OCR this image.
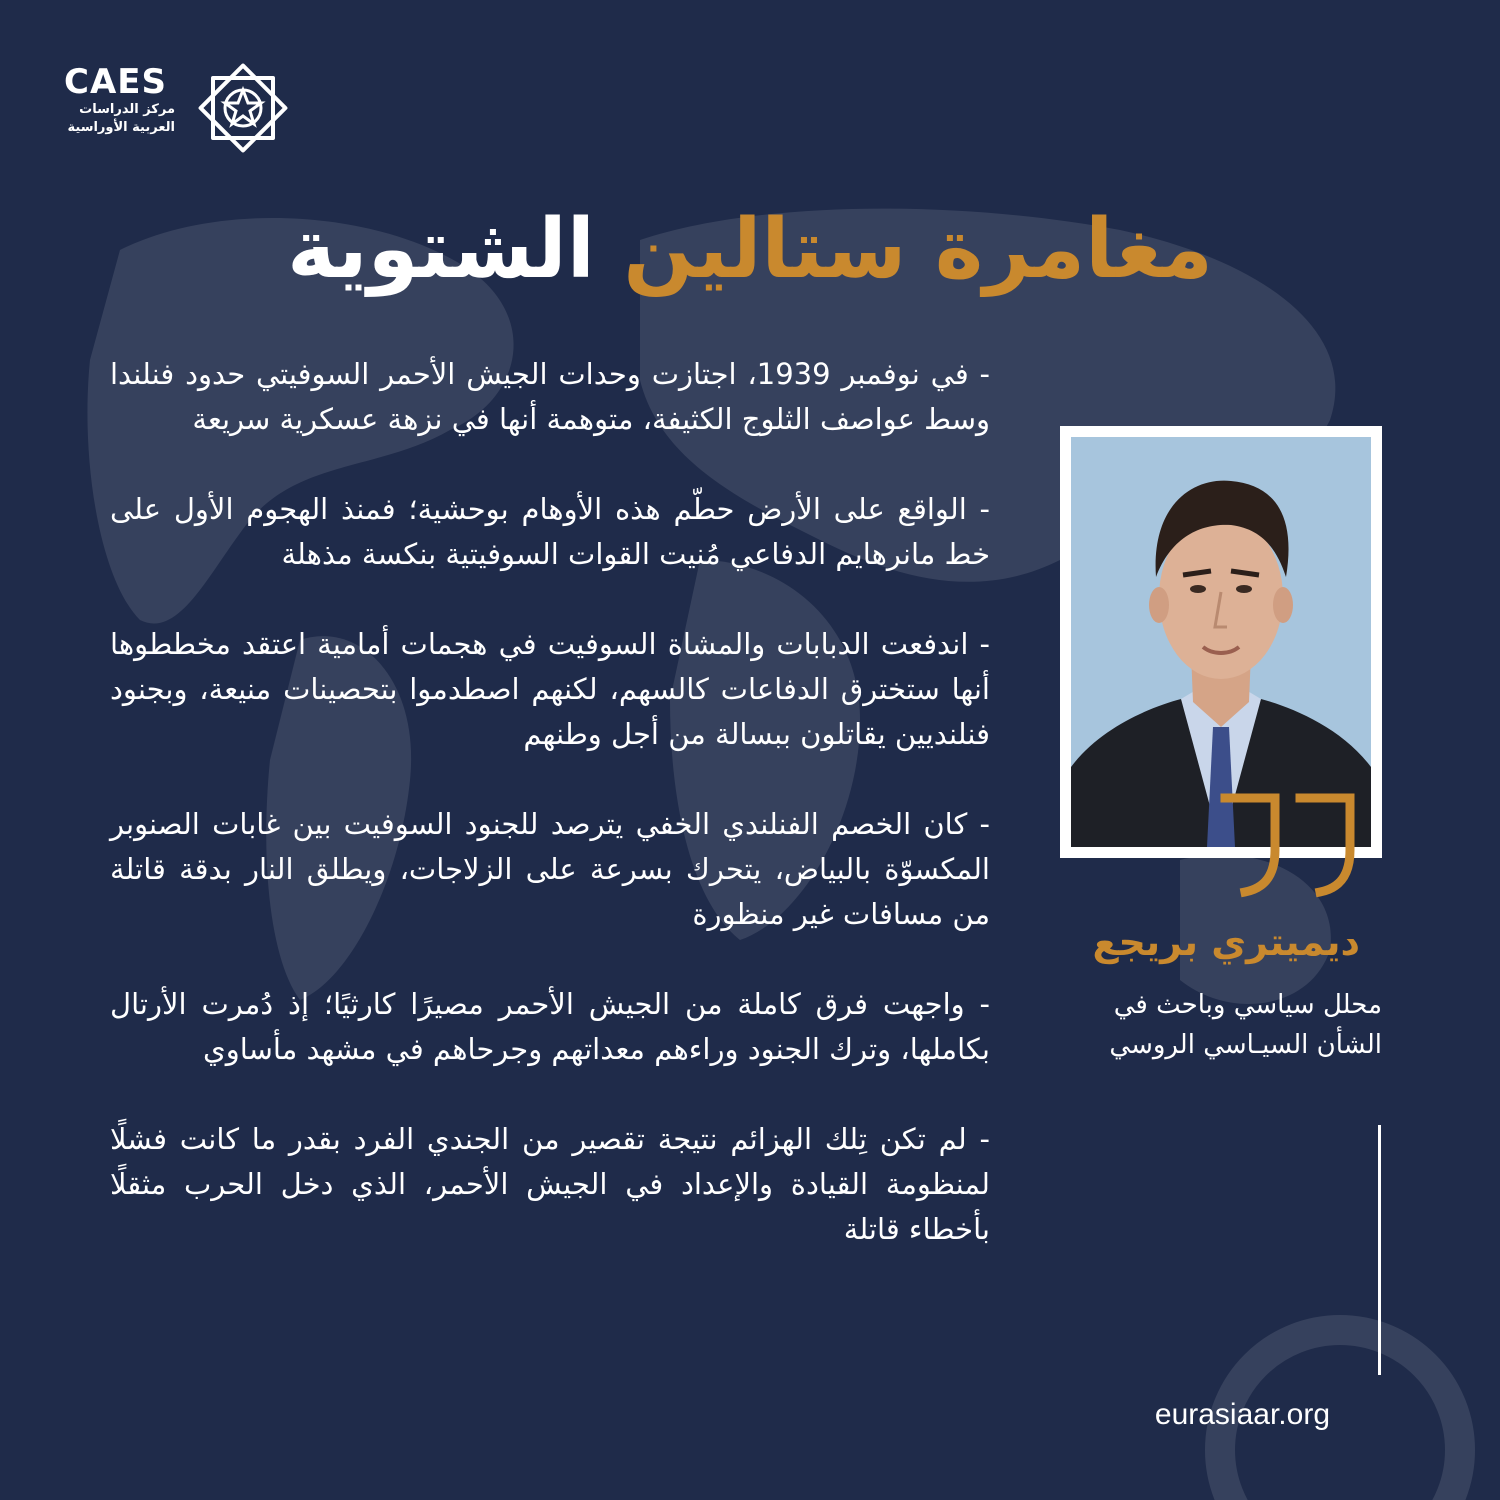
CAES
مركز الدراسات
العربية الأوراسية
مغامرة ستالين الشتوية

- في نوفمبر 1939، اجتازت وحدات الجيش الأحمر السوفيتي حدود فنلندا وسط عواصف الثلوج الكثيفة، متوهمة أنها في نزهة عسكرية سريعة

- الواقع على الأرض حطّم هذه الأوهام بوحشية؛ فمنذ الهجوم الأول على خط مانرهايم الدفاعي مُنيت القوات السوفيتية بنكسة مذهلة

- اندفعت الدبابات والمشاة السوفيت في هجمات أمامية اعتقد مخططوها أنها ستخترق الدفاعات كالسهم، لكنهم اصطدموا بتحصينات منيعة، وبجنود فنلنديين يقاتلون ببسالة من أجل وطنهم

- كان الخصم الفنلندي الخفي يترصد للجنود السوفيت بين غابات الصنوبر المكسوّة بالبياض، يتحرك بسرعة على الزلاجات، ويطلق النار بدقة قاتلة من مسافات غير منظورة

- واجهت فرق كاملة من الجيش الأحمر مصيرًا كارثيًا؛ إذ دُمرت الأرتال بكاملها، وترك الجنود وراءهم معداتهم وجرحاهم في مشهد مأساوي

- لم تكن تِلك الهزائم نتيجة تقصير من الجندي الفرد بقدر ما كانت فشلًا لمنظومة القيادة والإعداد في الجيش الأحمر، الذي دخل الحرب مثقلًا بأخطاء قاتلة

ديميتري بريجع
محلل سياسي وباحث في
الشأن السيـاسي الروسي
eurasiaar.org
